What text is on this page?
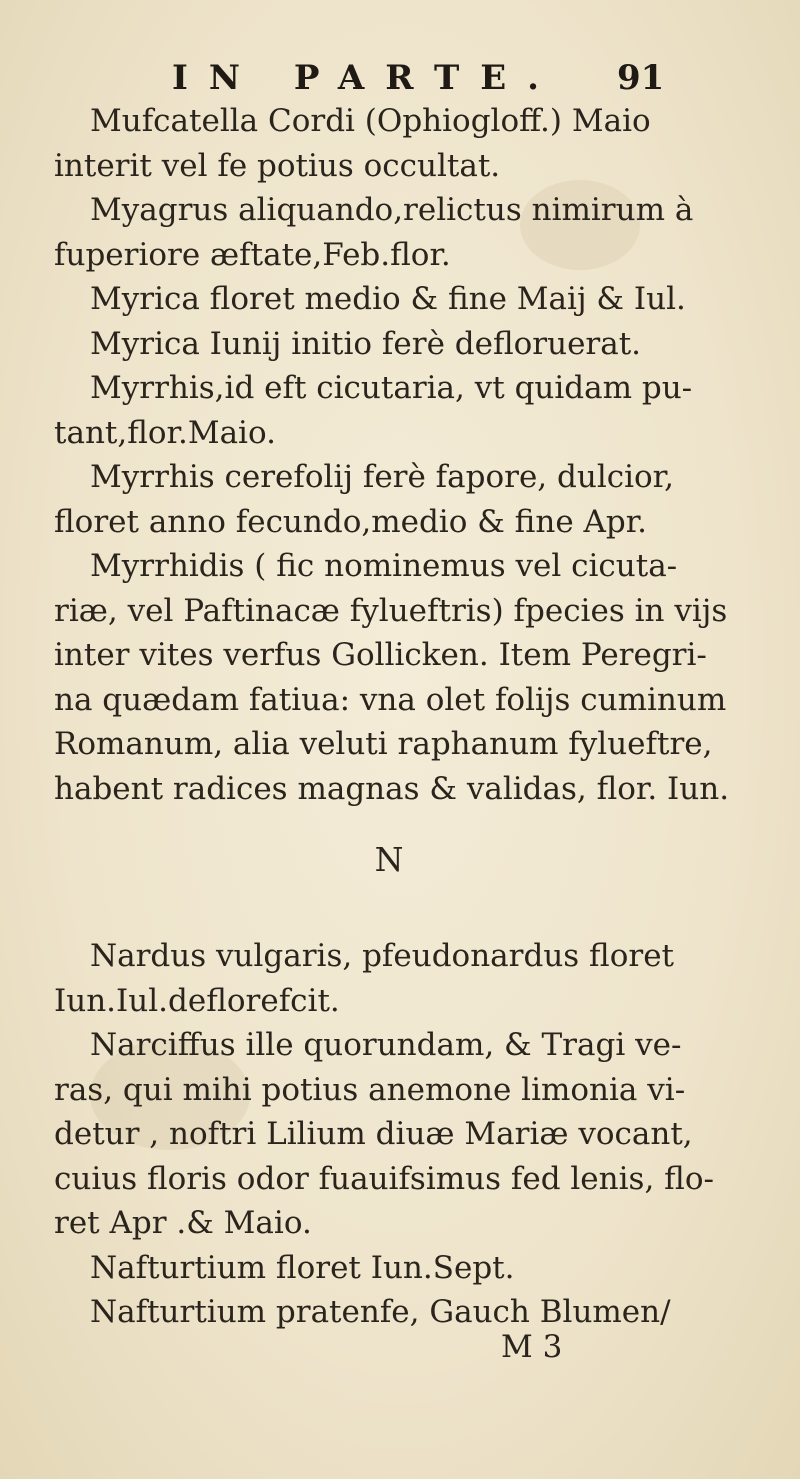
IN PARTE. 91
Mufcatella Cordi (Ophiogloff.) Maio
interit vel fe potius occultat.
Myagrus aliquando,relictus nimirum à
fuperiore æftate,Feb.flor.
Myrica floret medio & fine Maij & Iul.
Myrica Iunij initio ferè defloruerat.
Myrrhis,id eft cicutaria, vt quidam pu-
tant,flor.Maio.
Myrrhis cerefolij ferè fapore, dulcior,
floret anno fecundo,medio & fine Apr.
Myrrhidis ( fic nominemus vel cicuta-
riæ, vel Paftinacæ fylueftris) fpecies in vijs
inter vites verfus Gollicken. Item Peregri-
na quædam fatiua: vna olet folijs cuminum
Romanum, alia veluti raphanum fylueftre,
habent radices magnas & validas, flor. Iun.
N
Nardus vulgaris, pfeudonardus floret
Iun.Iul.deflorefcit.
Narciffus ille quorundam, & Tragi ve-
ras, qui mihi potius anemone limonia vi-
detur , noftri Lilium diuæ Mariæ vocant,
cuius floris odor fuauifsimus fed lenis, flo-
ret Apr .& Maio.
Nafturtium floret Iun.Sept.
Nafturtium pratenfe, Gauch Blumen/
M 3
